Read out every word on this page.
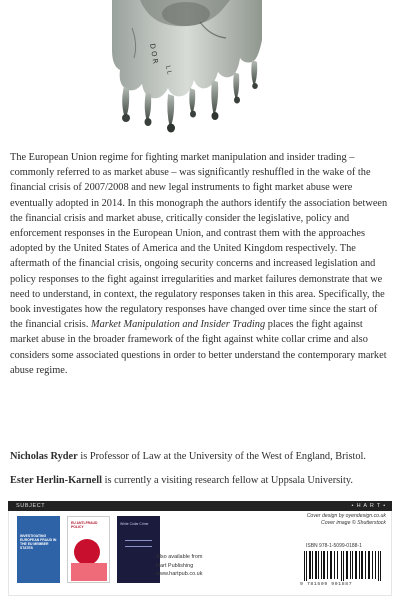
D O R
L L
The European Union regime for fighting market manipulation and insider trading – commonly referred to as market abuse – was significantly reshuffled in the wake of the financial crisis of 2007/2008 and new legal instruments to fight market abuse were eventually adopted in 2014. In this monograph the authors identify the association between the financial crisis and market abuse, critically consider the legislative, policy and enforcement responses in the European Union, and contrast them with the approaches adopted by the United States of America and the United Kingdom respectively. The aftermath of the financial crisis, ongoing security concerns and increased legislation and policy responses to the fight against irregularities and market failures demonstrate that we need to understand, in context, the regulatory responses taken in this area. Specifically, the book investigates how the regulatory responses have changed over time since the start of the financial crisis. Market Manipulation and Insider Trading places the fight against market abuse in the broader framework of the fight against white collar crime and also considers some associated questions in order to better understand the contemporary market abuse regime.
Ester Herlin-Karnell is currently a visiting research fellow at Uppsala University.
Nicholas Ryder is Professor of Law at the University of the West of England, Bristol.
SUBJECT	• H A R T •
INVESTIGATING EUROPEAN FRAUD IN THE EU MEMBER STATES
EU ANTI-FRAUD POLICY
White Collar Crime
Also available from
Hart Publishing
www.hartpub.co.uk
Cover design by oyendesign.co.uk
Cover image © Shutterstock
ISBN 978-1-5099-0188-1
9 781509 901887
